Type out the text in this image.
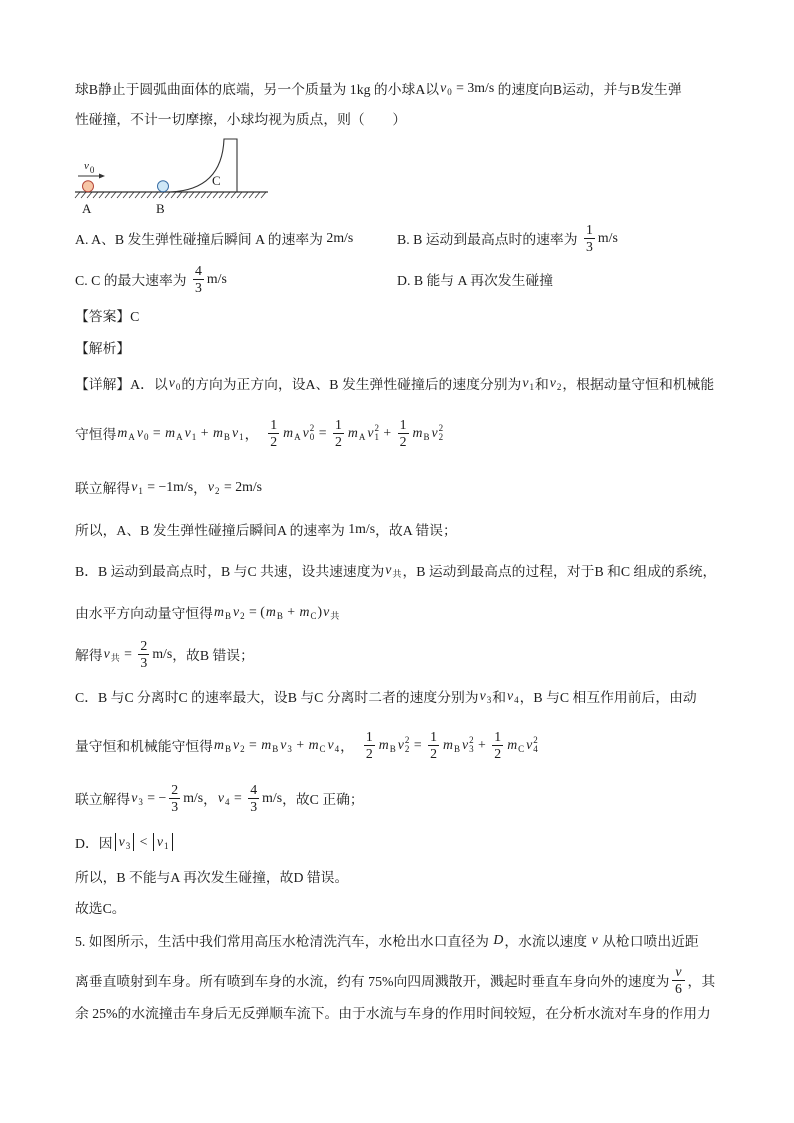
球B静止于圆弧曲面体的底端，另一个质量为 1kg 的小球A以 v
0 = 3m/s 的速度向B运动，并与B发生弹
性碰撞，不计一切摩擦，小球均视为质点，则（　　）
v
0
A	B
C
A. A、B 发生弹性碰撞后瞬间 A 的速率为 2m/s	B. B 运动到最高点时的速率为 $\frac{1}{3} m/s$
C. C 的最大速率为 $\frac{4}{3} m/s$	D. B 能与 A 再次发生碰撞
【答案】C
【解析】
【详解】A．以 v
0 的方向为正方向，设A、B 发生弹性碰撞后的速度分别为 v
1 和 v
2 ，根据动量守恒和机械能
守恒得 m
A v
0 = m
A v
1 + m
B v
1 ， $\frac{1}{2}$ m
A v 2
$0 = \frac{1}{2}$ m
A v 2
$1 + \frac{1}{2}$ m
B v 2
2
联立解得 v
1 = −1m/s ， v
2 = 2m/s
所以，A、B 发生弹性碰撞后瞬间A 的速率为 1m/s ，故A 错误；
B．B 运动到最高点时，B 与C 共速，设共速速度为 v
共 ，B 运动到最高点的过程，对于B 和C 组成的系统，
由水平方向动量守恒得 m
B v
2 = ( m
B + m
C ) v
共
解得 v
共 = $\frac{2}{3} m/s$ ，故B 错误；
C．B 与C 分离时C 的速率最大，设B 与C 分离时二者的速度分别为 v
3 和 v
4 ，B 与C 相互作用前后，由动
量守恒和机械能守恒得 m
B v
2 = m
B v
3 + m
C v
4 ， $\frac{1}{2}$ m
B v 2
$2 = \frac{1}{2}$ m
B v 2
$3 + \frac{1}{2}$ m
C v 2
4
联立解得 v
3 = − $\frac{2}{3} m/s$ ， v
$4 = \frac{4}{3} m/s$ ，故C 正确；
D．因 v
3 < v
1
所以，B 不能与A 再次发生碰撞，故D 错误。
故选C。
5. 如图所示，生活中我们常用高压水枪清洗汽车，水枪出水口直径为 D ，水流以速度 v 从枪口喷出近距
离垂直喷射到车身。所有喷到车身的水流，约有 75%向四周溅散开，溅起时垂直车身向外的速度为 $\frac{v}{6}$ ，其
余 25%的水流撞击车身后无反弹顺车流下。由于水流与车身的作用时间较短，在分析水流对车身的作用力
